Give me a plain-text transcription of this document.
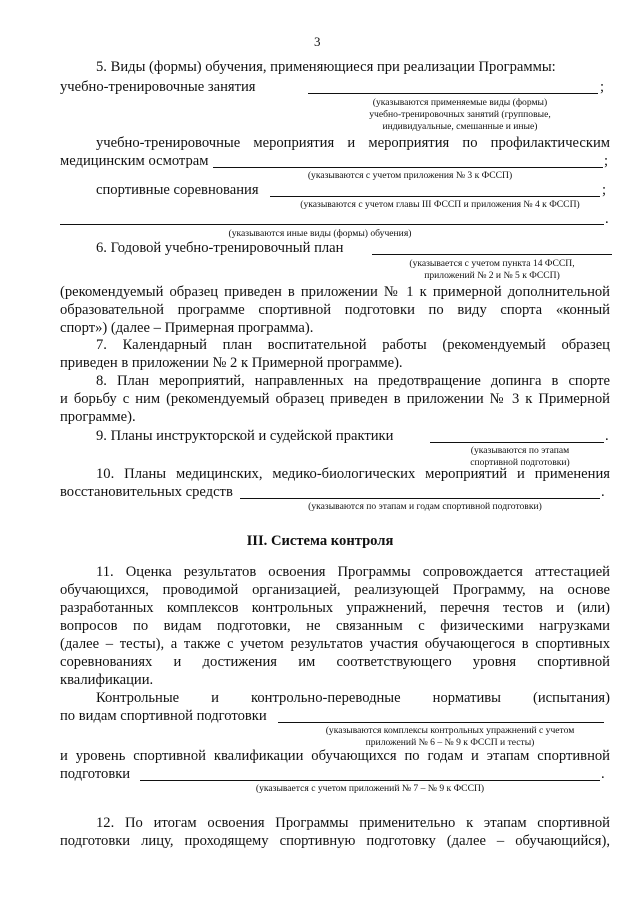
3
5. Виды (формы) обучения, применяющиеся при реализации Программы:
учебно-тренировочные занятия	;
(указываются применяемые виды (формы)
учебно-тренировочных занятий (групповые,
индивидуальные, смешанные и иные)
учебно-тренировочные мероприятия и мероприятия по профилактическим
медицинским осмотрам	;
(указываются с учетом приложения № 3 к ФССП)
спортивные соревнования	;
(указываются с учетом главы III ФССП и приложения № 4 к ФССП)
.
(указываются иные виды (формы) обучения)
6. Годовой учебно-тренировочный план
(указывается с учетом пункта 14 ФССП,
приложений № 2 и № 5 к ФССП)
(рекомендуемый образец приведен в приложении № 1 к примерной дополнительной
образовательной программе спортивной подготовки по виду спорта «конный
спорт») (далее – Примерная программа).
7. Календарный план воспитательной работы (рекомендуемый образец
приведен в приложении № 2 к Примерной программе).
8. План мероприятий, направленных на предотвращение допинга в спорте
и борьбу с ним (рекомендуемый образец приведен в приложении № 3 к Примерной
программе).
9. Планы инструкторской и судейской практики	.
(указываются по этапам
спортивной подготовки)
10. Планы медицинских, медико-биологических мероприятий и применения
восстановительных средств	.
(указываются по этапам и годам спортивной подготовки)
III. Система контроля
11. Оценка результатов освоения Программы сопровождается аттестацией
обучающихся, проводимой организацией, реализующей Программу, на основе
разработанных комплексов контрольных упражнений, перечня тестов и (или)
вопросов по видам подготовки, не связанным с физическими нагрузками
(далее – тесты), а также с учетом результатов участия обучающегося в спортивных
соревнованиях и достижения им соответствующего уровня спортивной
квалификации.
Контрольные и контрольно-переводные нормативы (испытания)
по видам спортивной подготовки
(указываются комплексы контрольных упражнений с учетом
приложений № 6 – № 9 к ФССП и тесты)
и уровень спортивной квалификации обучающихся по годам и этапам спортивной
подготовки	.
(указывается с учетом приложений № 7 – № 9 к ФССП)
12. По итогам освоения Программы применительно к этапам спортивной
подготовки лицу, проходящему спортивную подготовку (далее – обучающийся),
